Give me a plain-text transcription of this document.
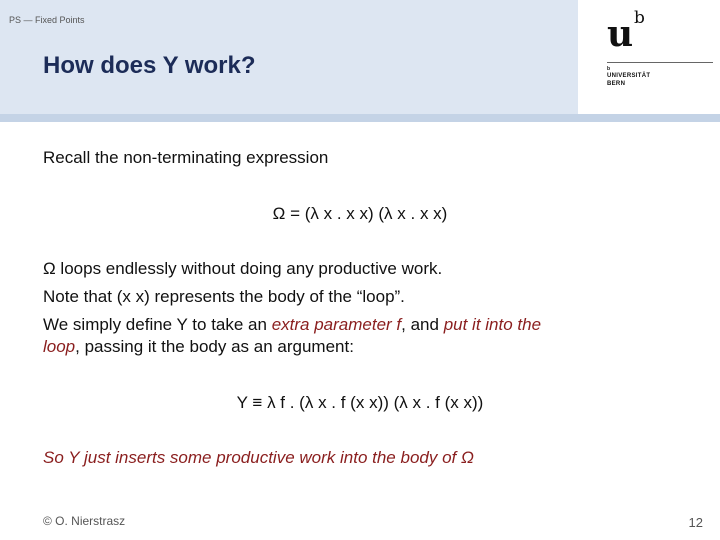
PS — Fixed Points
How does Y work?
u b
b
UNIVERSITÄT
BERN
Recall the non-terminating expression
Ω = (λ x . x x) (λ x . x x)
Ω loops endlessly without doing any productive work.
Note that (x x) represents the body of the “loop”.
We simply define Y to take an extra parameter f, and put it into the
loop, passing it the body as an argument:
Y ≡ λ f . (λ x . f (x x)) (λ x . f (x x))
So Y just inserts some productive work into the body of Ω
© O. Nierstrasz	12
